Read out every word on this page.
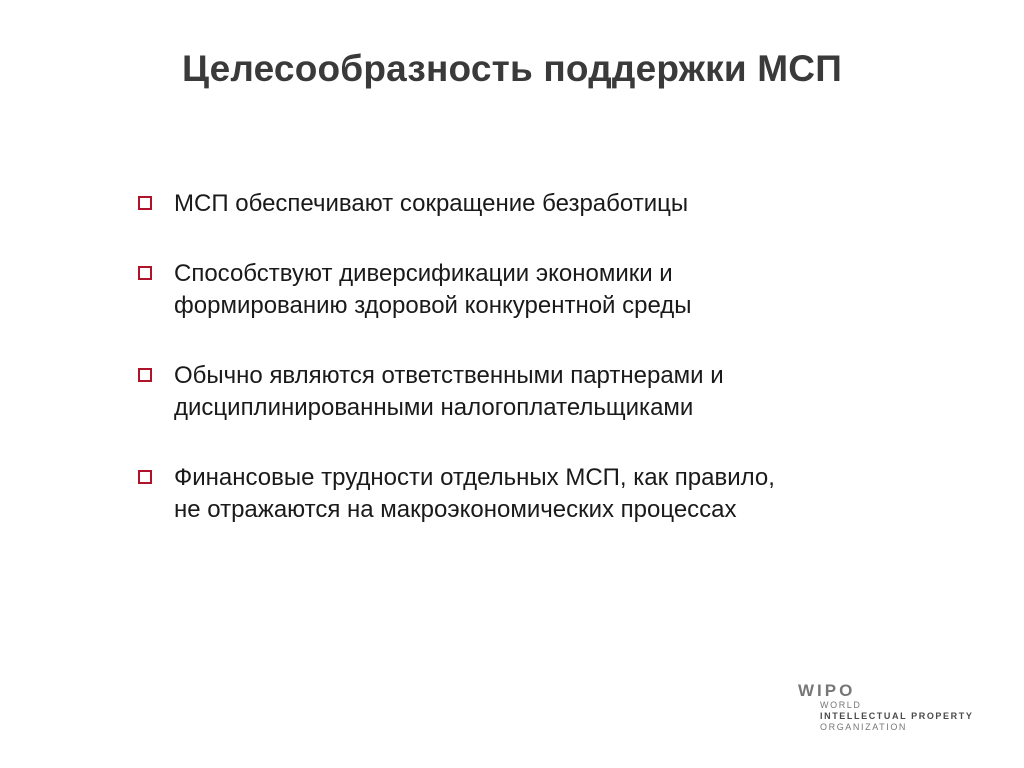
Целесообразность поддержки МСП
МСП обеспечивают сокращение безработицы
Способствуют диверсификации экономики и
формированию здоровой конкурентной среды
Обычно являются ответственными партнерами и
дисциплинированными налогоплательщиками
Финансовые трудности отдельных МСП, как правило,
не отражаются на макроэкономических процессах
WIPO
WORLD
INTELLECTUAL PROPERTY
ORGANIZATION
